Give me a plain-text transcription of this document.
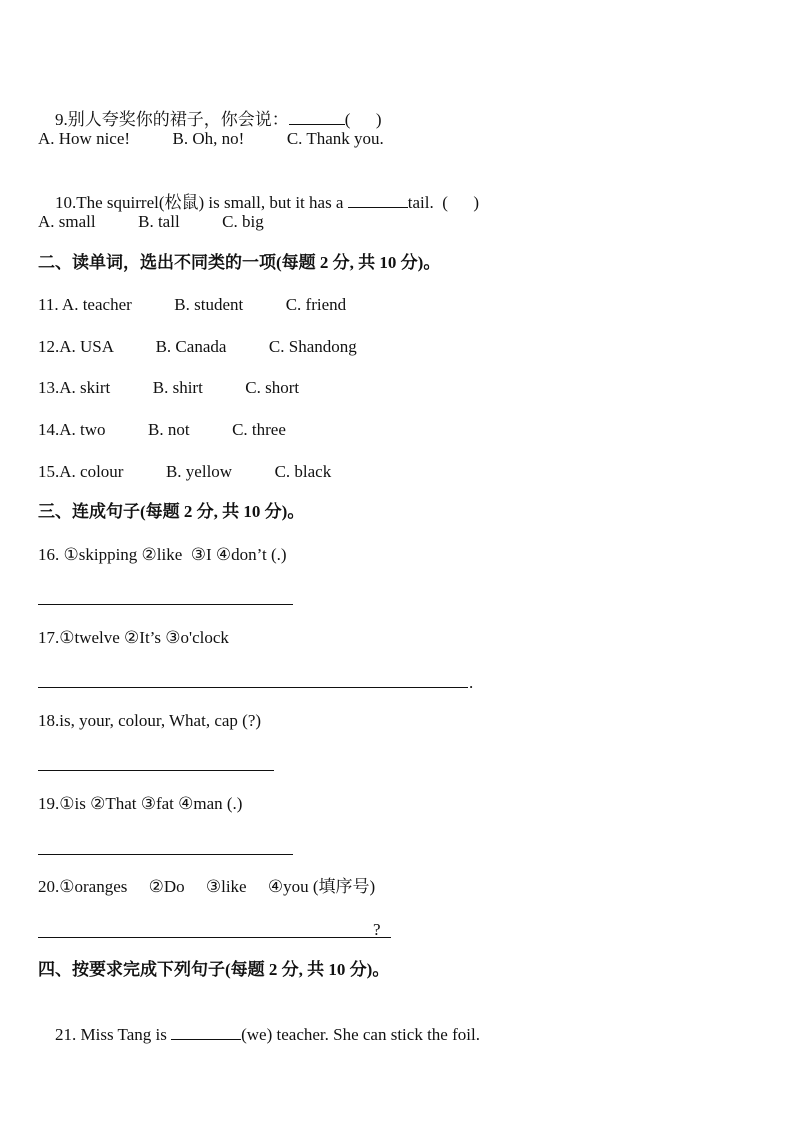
9.别人夸奖你的裙子，你会说：	(      )

A. How nice!          B. Oh, no!          C. Thank you.

10.The squirrel(松鼠) is small, but it has a	tail.  (      )

A. small          B. tall          C. big
二、读单词，选出不同类的一项(每题 2 分, 共 10 分)。
11. A. teacher          B. student          C. friend
12.A. USA          B. Canada          C. Shandong
13.A. skirt          B. shirt          C. short
14.A. two          B. not          C. three
15.A. colour          B. yellow          C. black
三、连成句子(每题 2 分, 共 10 分)。
16. ①skipping ②like  ③I ④don’t (.)
17.①twelve ②It’s ③o'clock
.
18.is, your, colour, What, cap (?)
19.①is ②That ③fat ④man (.)
20.①oranges     ②Do     ③like     ④you (填序号)
?
四、按要求完成下列句子(每题 2 分, 共 10 分)。

21. Miss Tang is	(we) teacher. She can stick the foil.
